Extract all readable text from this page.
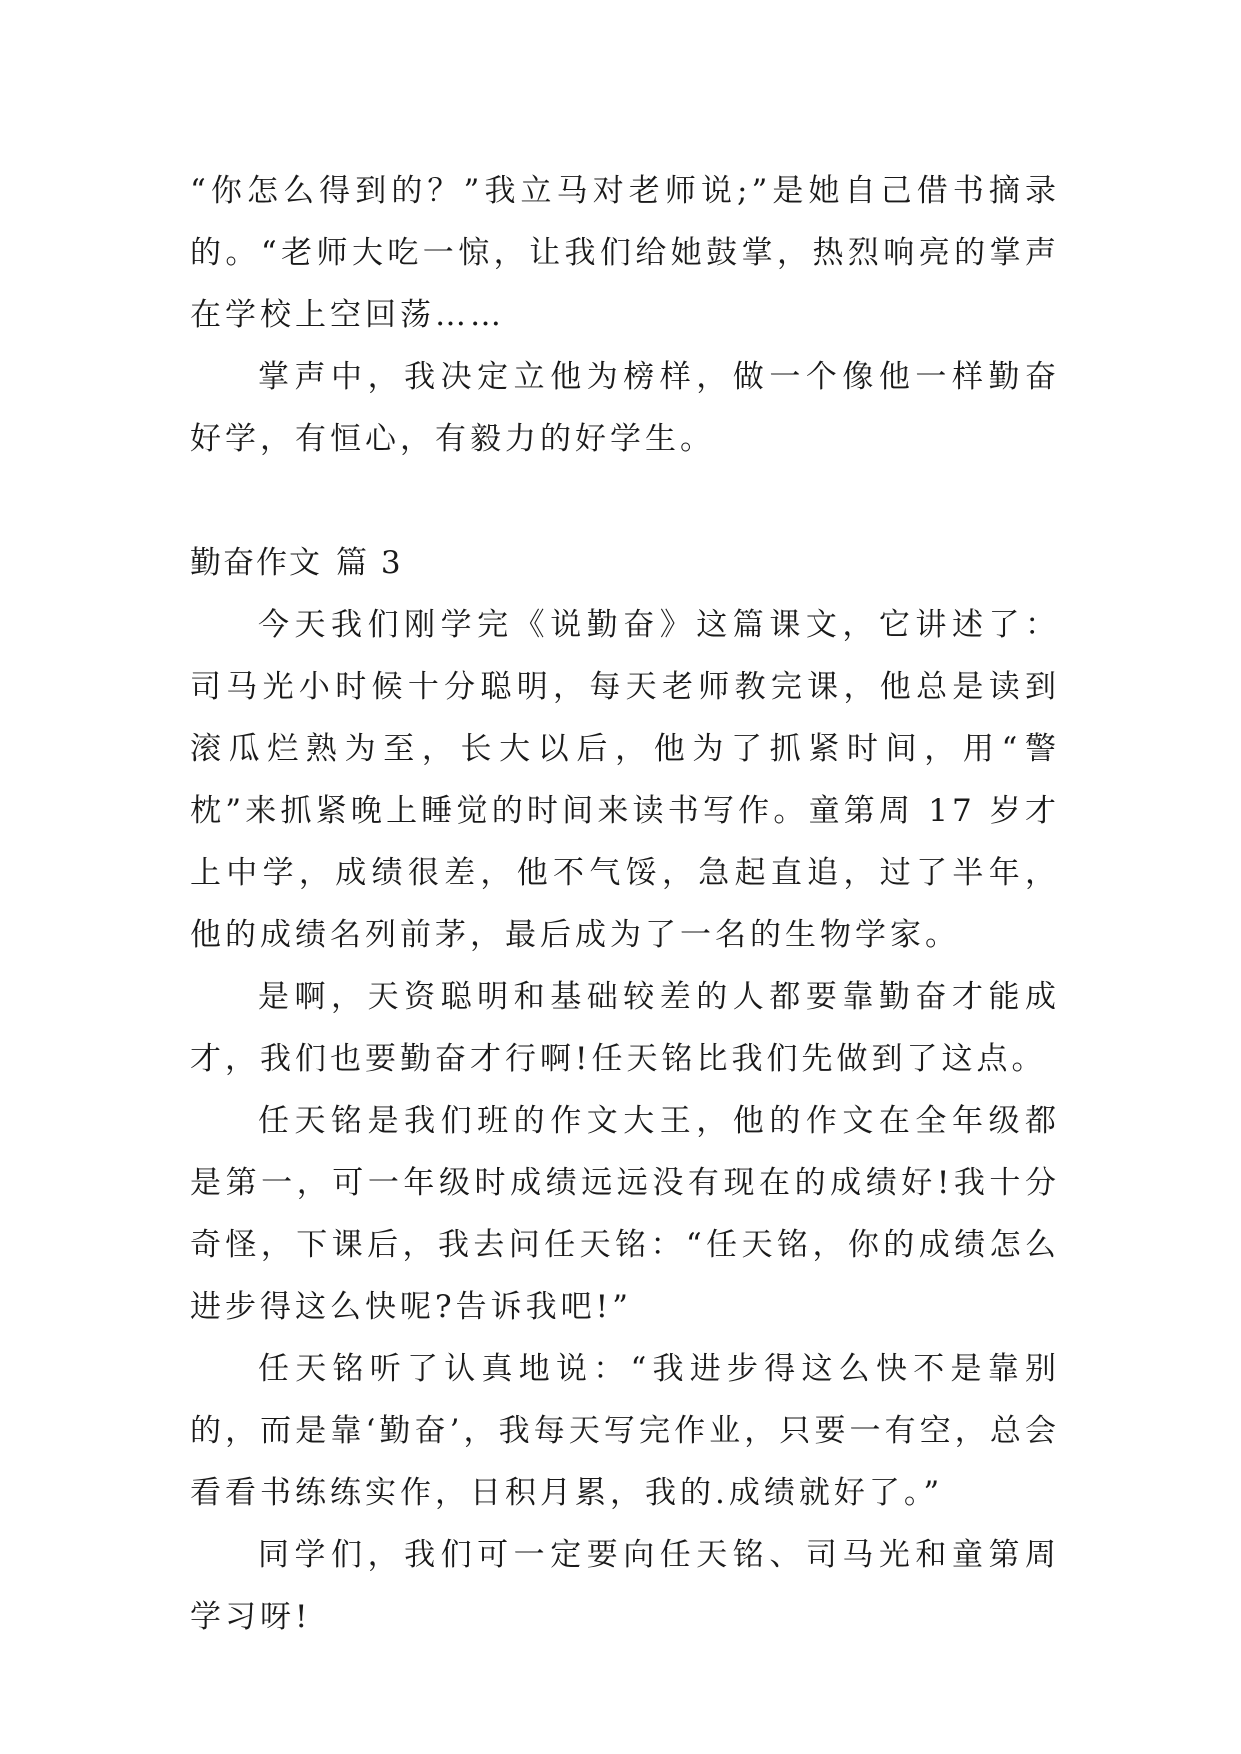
“你怎么得到的？”我立马对老师说;”是她自己借书摘录的。“老师大吃一惊，让我们给她鼓掌，热烈响亮的掌声在学校上空回荡……

掌声中，我决定立他为榜样，做一个像他一样勤奋好学，有恒心，有毅力的好学生。

勤奋作文 篇 3

今天我们刚学完《说勤奋》这篇课文，它讲述了：司马光小时候十分聪明，每天老师教完课，他总是读到滚瓜烂熟为至，长大以后，他为了抓紧时间，用“警枕”来抓紧晚上睡觉的时间来读书写作。童第周 17 岁才上中学，成绩很差，他不气馁，急起直追，过了半年，他的成绩名列前茅，最后成为了一名的生物学家。

是啊，天资聪明和基础较差的人都要靠勤奋才能成才，我们也要勤奋才行啊!任天铭比我们先做到了这点。

任天铭是我们班的作文大王，他的作文在全年级都是第一，可一年级时成绩远远没有现在的成绩好!我十分奇怪，下课后，我去问任天铭：“任天铭，你的成绩怎么进步得这么快呢?告诉我吧!”

任天铭听了认真地说：“我进步得这么快不是靠别的，而是靠‘勤奋’，我每天写完作业，只要一有空，总会看看书练练实作，日积月累，我的.成绩就好了。”

同学们，我们可一定要向任天铭、司马光和童第周学习呀!
